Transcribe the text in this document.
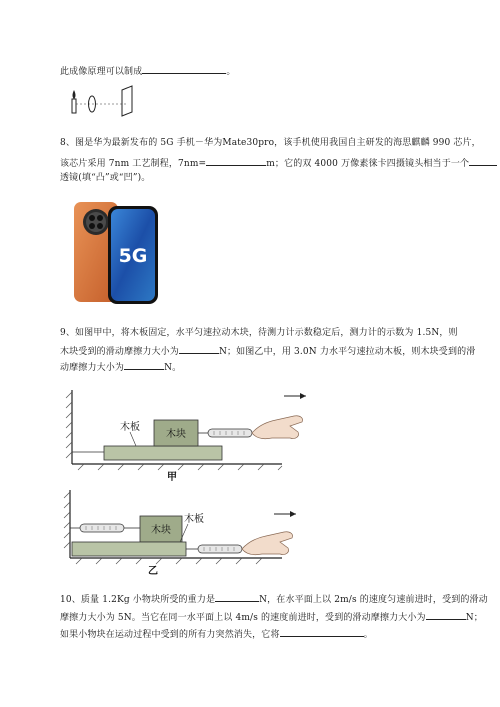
此成像原理可以制成	。
8、图是华为最新发布的 5G 手机－华为Mate30pro，该手机使用我国自主研发的海思麒麟 990 芯片，
该芯片采用 7nm 工艺制程，7nm=	m；它的双 4000 万像素徕卡四摄镜头相当于一个
透镜(填“凸”或“凹”)。
5G
9、如图甲中，将木板固定，水平匀速拉动木块，待测力计示数稳定后，测力计的示数为 1.5N，则
木块受到的滑动摩擦力大小为	N；如图乙中，用 3.0N 力水平匀速拉动木板，则木块受到的滑
动摩擦力大小为	N。
木板
木块
甲
木块
木板
乙
10、质量 1.2Kg 小物块所受的重力是	N，在水平面上以 2m/s 的速度匀速前进时，受到的滑动
摩擦力大小为 5N。当它在同一水平面上以 4m/s 的速度前进时，受到的滑动摩擦力大小为	N；
如果小物块在运动过程中受到的所有力突然消失，它将	。
